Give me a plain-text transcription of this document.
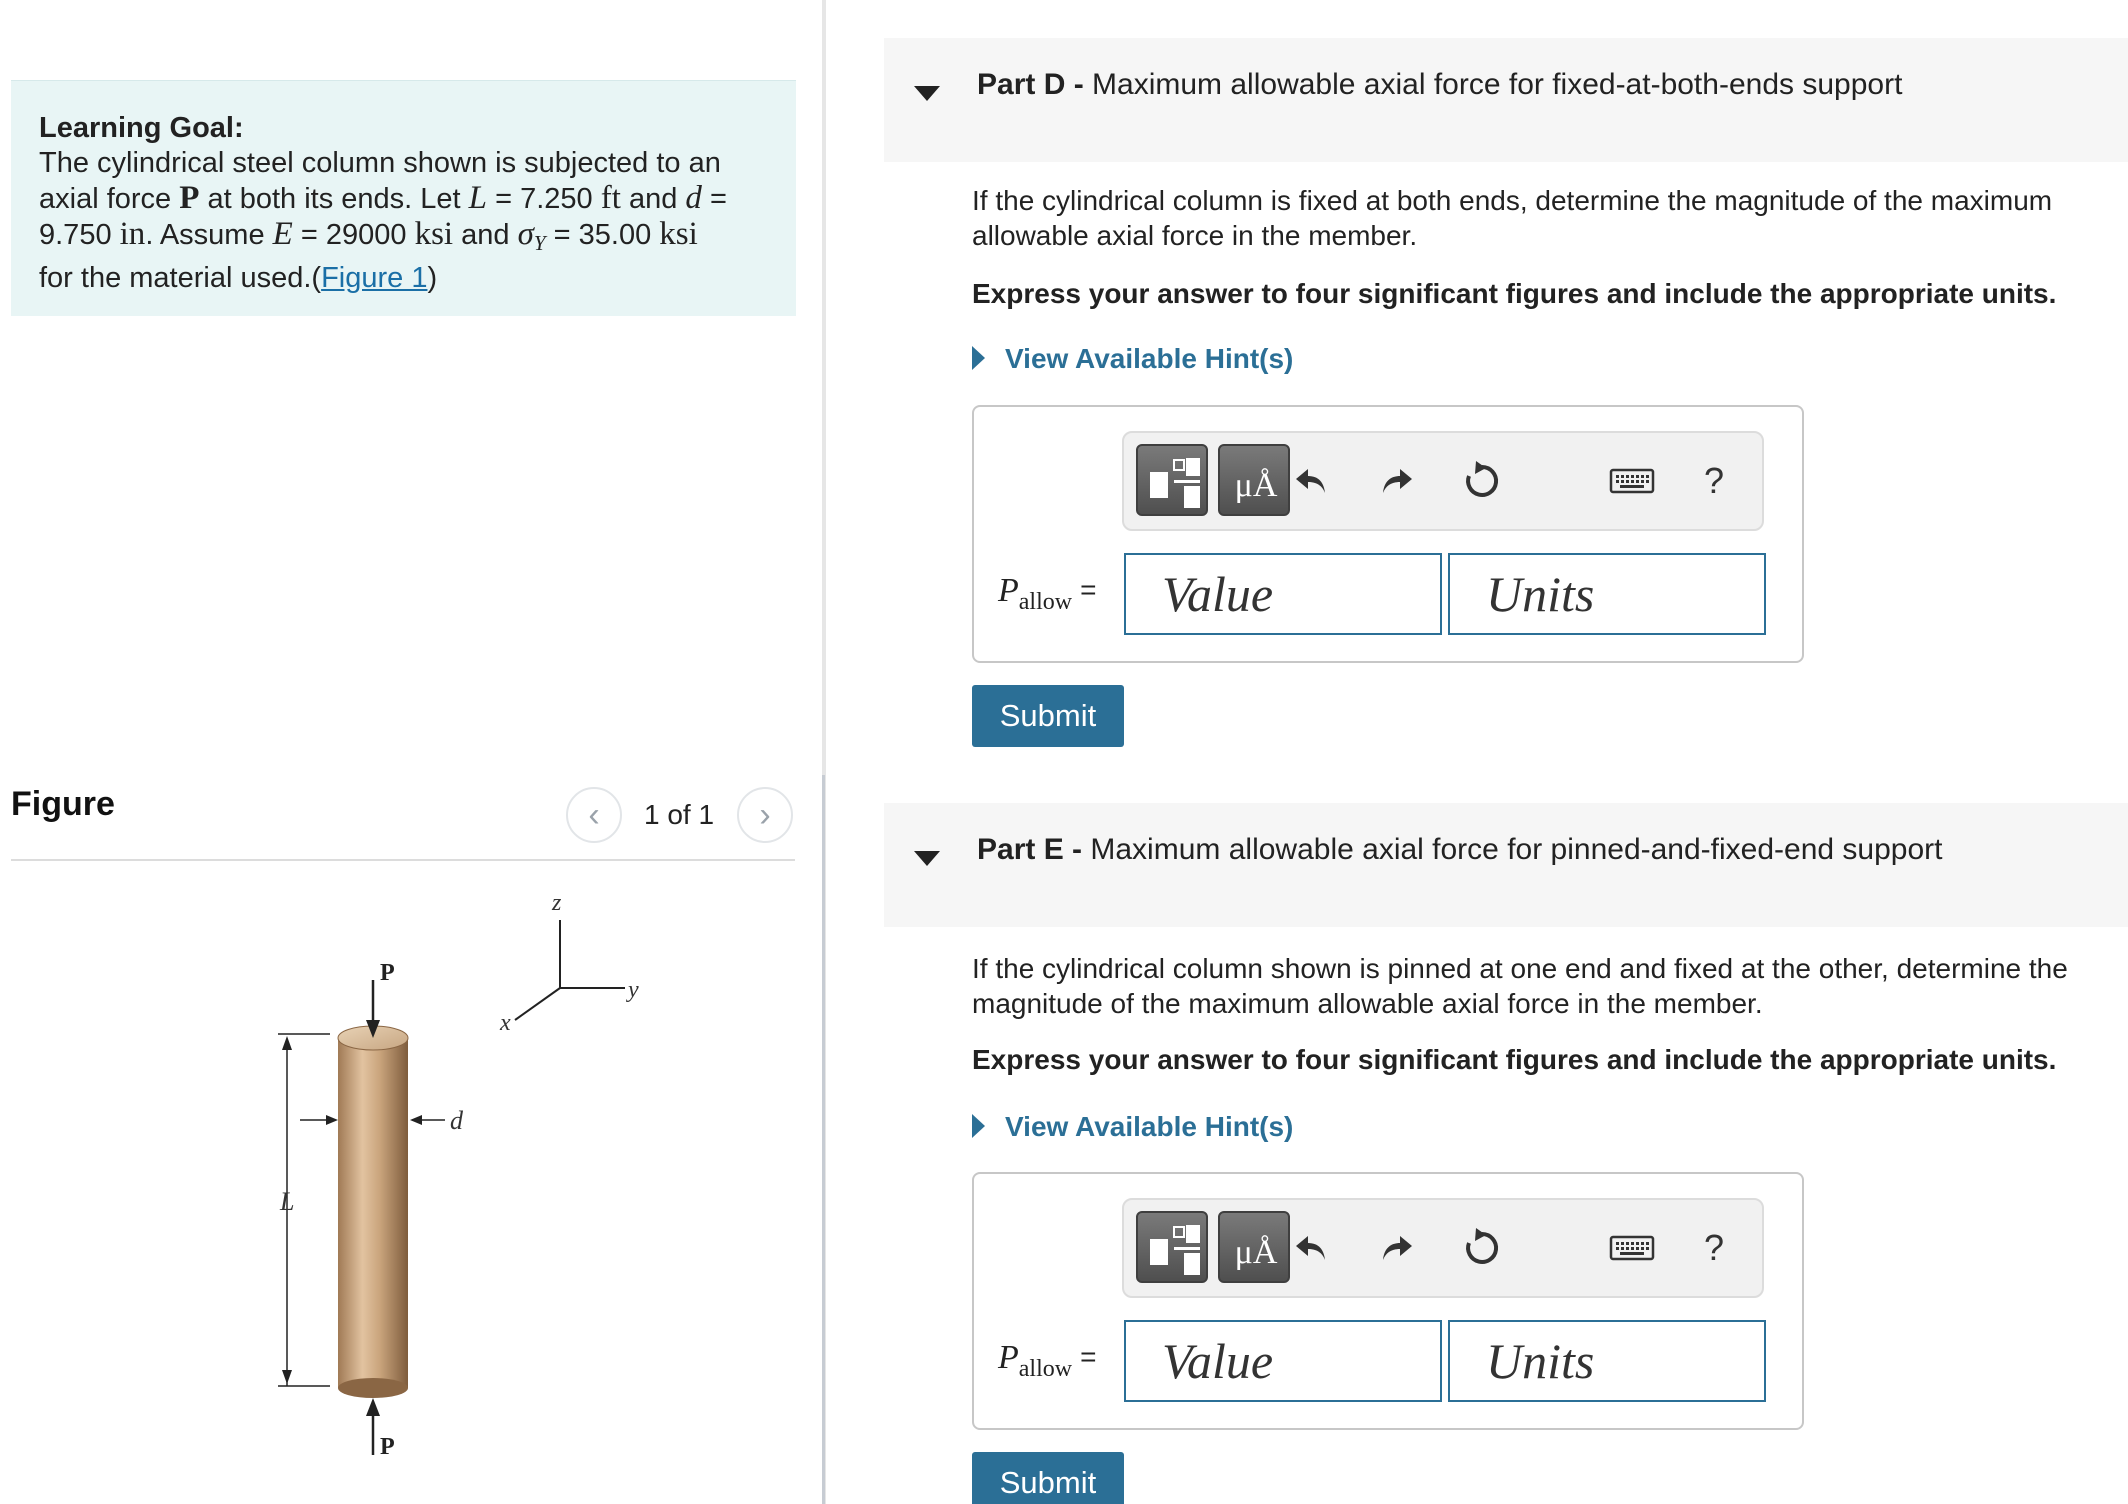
Learning Goal:
The cylindrical steel column shown is subjected to an
axial force P at both its ends. Let L = 7.250 ft and d =
9.750 in. Assume E = 29000 ksi and $\sigma_Y = 35.00$ ksi
for the material used.(Figure 1)
Figure	‹ 1 of 1 ›
z
y
x
L
d
P
P
Part D - Maximum allowable axial force for fixed-at-both-ends support
If the cylindrical column is fixed at both ends, determine the magnitude of the maximum allowable axial force in the member.
Express your answer to four significant figures and include the appropriate units.
View Available Hint(s)
μÅ	?
$P_{allow}$ =	Value	Units
Submit
Part E - Maximum allowable axial force for pinned-and-fixed-end support
If the cylindrical column shown is pinned at one end and fixed at the other, determine the magnitude of the maximum allowable axial force in the member.
Express your answer to four significant figures and include the appropriate units.
View Available Hint(s)
μÅ	?
$P_{allow}$ =	Value	Units
Submit
